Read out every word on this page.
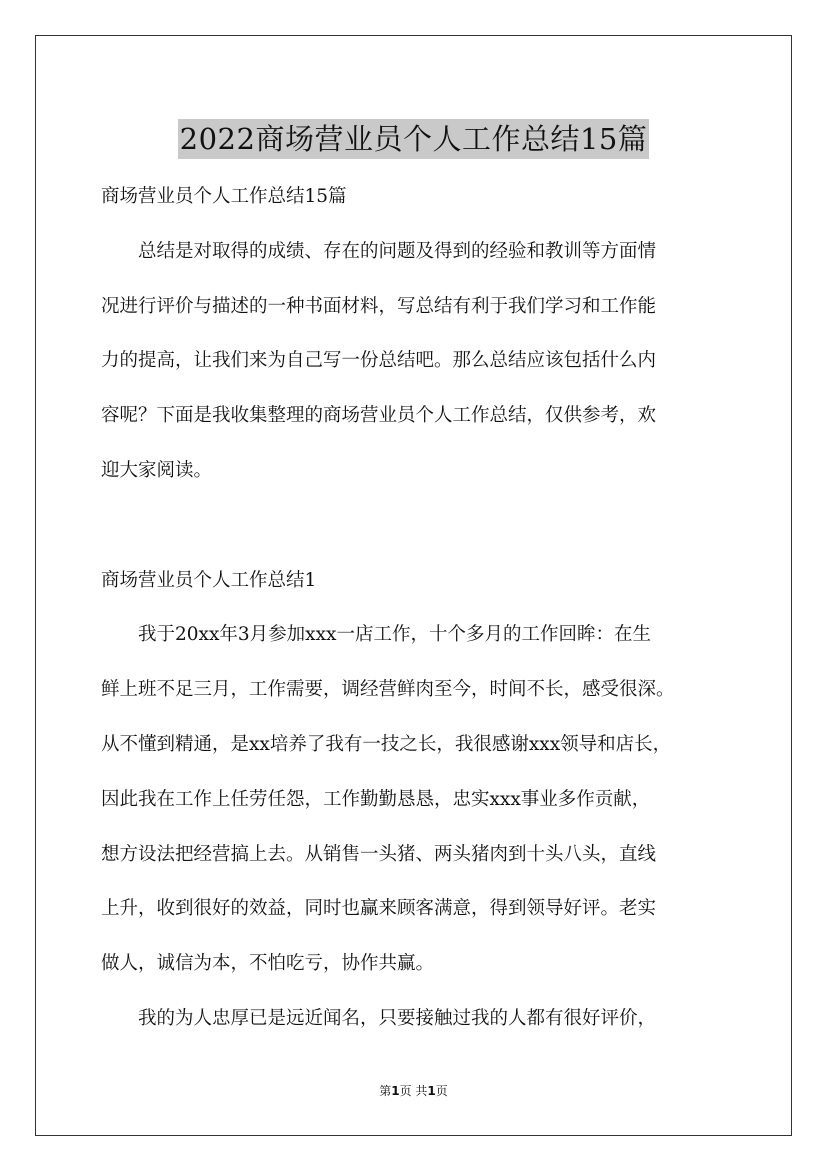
2022商场营业员个人工作总结15篇

商场营业员个人工作总结15篇

总结是对取得的成绩、存在的问题及得到的经验和教训等方面情

况进行评价与描述的一种书面材料，写总结有利于我们学习和工作能

力的提高，让我们来为自己写一份总结吧。那么总结应该包括什么内

容呢？下面是我收集整理的商场营业员个人工作总结，仅供参考，欢

迎大家阅读。

商场营业员个人工作总结1

我于20xx年3月参加xxx一店工作，十个多月的工作回眸：在生

鲜上班不足三月，工作需要，调经营鲜肉至今，时间不长，感受很深。

从不懂到精通，是xx培养了我有一技之长，我很感谢xxx领导和店长，

因此我在工作上任劳任怨，工作勤勤恳恳，忠实xxx事业多作贡献，

想方设法把经营搞上去。从销售一头猪、两头猪肉到十头八头，直线

上升，收到很好的效益，同时也赢来顾客满意，得到领导好评。老实

做人，诚信为本，不怕吃亏，协作共赢。

我的为人忠厚已是远近闻名，只要接触过我的人都有很好评价，

第1页 共1页
